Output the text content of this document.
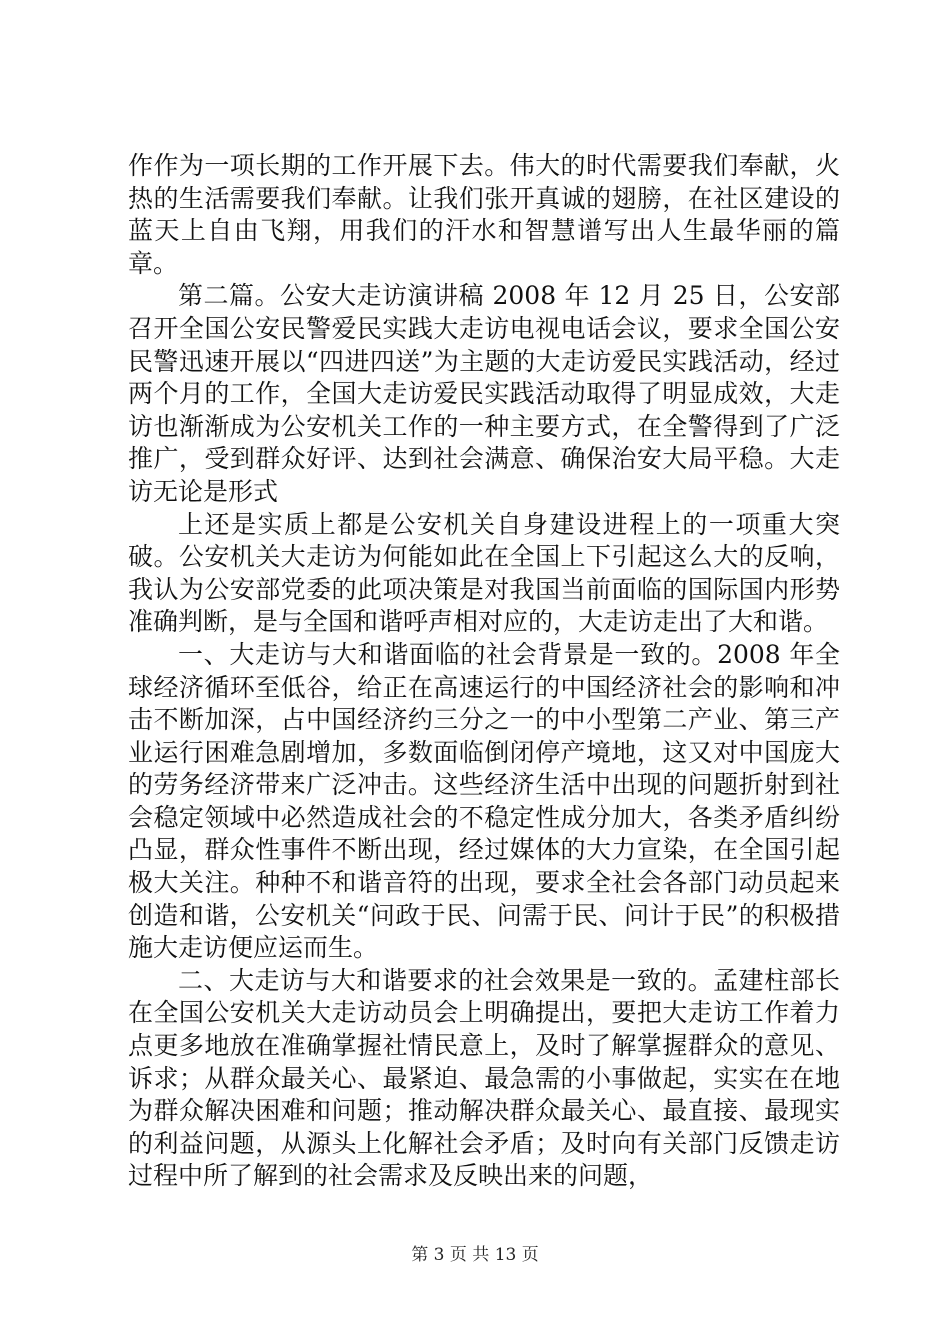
作作为一项长期的工作开展下去。伟大的时代需要我们奉献，火热的生活需要我们奉献。让我们张开真诚的翅膀，在社区建设的蓝天上自由飞翔，用我们的汗水和智慧谱写出人生最华丽的篇章。

第二篇。公安大走访演讲稿 2008 年 12 月 25 日，公安部召开全国公安民警爱民实践大走访电视电话会议，要求全国公安民警迅速开展以“四进四送”为主题的大走访爱民实践活动，经过两个月的工作，全国大走访爱民实践活动取得了明显成效，大走访也渐渐成为公安机关工作的一种主要方式，在全警得到了广泛推广，受到群众好评、达到社会满意、确保治安大局平稳。大走访无论是形式

上还是实质上都是公安机关自身建设进程上的一项重大突破。公安机关大走访为何能如此在全国上下引起这么大的反响，我认为公安部党委的此项决策是对我国当前面临的国际国内形势准确判断，是与全国和谐呼声相对应的，大走访走出了大和谐。

一、大走访与大和谐面临的社会背景是一致的。2008 年全球经济循环至低谷，给正在高速运行的中国经济社会的影响和冲击不断加深，占中国经济约三分之一的中小型第二产业、第三产业运行困难急剧增加，多数面临倒闭停产境地，这又对中国庞大的劳务经济带来广泛冲击。这些经济生活中出现的问题折射到社会稳定领域中必然造成社会的不稳定性成分加大，各类矛盾纠纷凸显，群众性事件不断出现，经过媒体的大力宣染，在全国引起极大关注。种种不和谐音符的出现，要求全社会各部门动员起来创造和谐，公安机关“问政于民、问需于民、问计于民”的积极措施大走访便应运而生。

二、大走访与大和谐要求的社会效果是一致的。孟建柱部长在全国公安机关大走访动员会上明确提出，要把大走访工作着力点更多地放在准确掌握社情民意上，及时了解掌握群众的意见、诉求；从群众最关心、最紧迫、最急需的小事做起，实实在在地为群众解决困难和问题；推动解决群众最关心、最直接、最现实的利益问题，从源头上化解社会矛盾；及时向有关部门反馈走访过程中所了解到的社会需求及反映出来的问题，

第 3 页 共 13 页
